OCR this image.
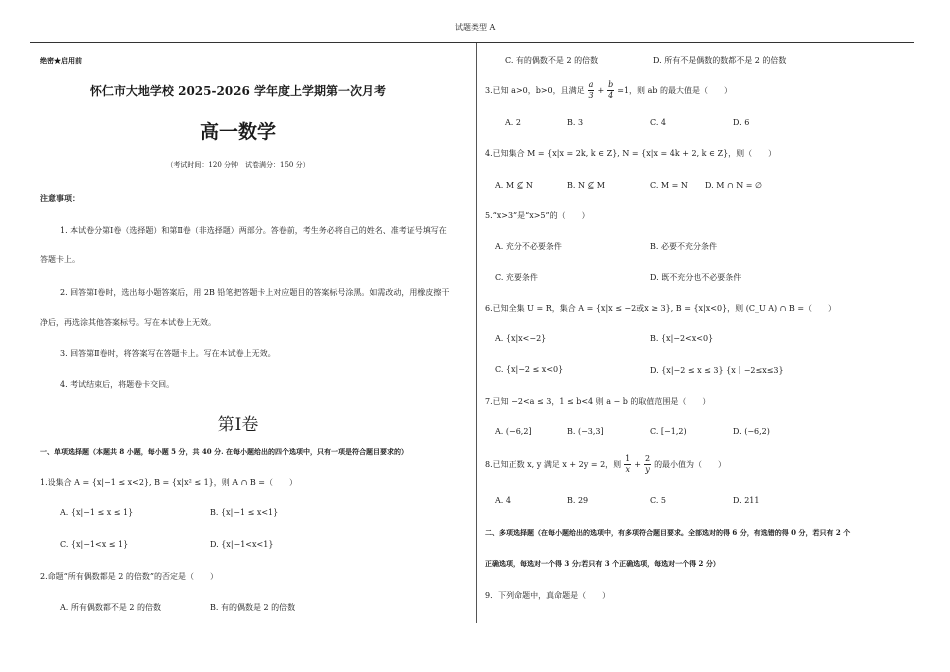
试题类型 A
绝密★启用前
怀仁市大地学校 2025-2026 学年度上学期第一次月考
高一数学
（考试时间：120 分钟　试卷满分：150 分）
注意事项：
1. 本试卷分第Ⅰ卷（选择题）和第Ⅱ卷（非选择题）两部分。答卷前，考生务必将自己的姓名、准考证号填写在
答题卡上。
2. 回答第Ⅰ卷时，选出每小题答案后，用 2B 铅笔把答题卡上对应题目的答案标号涂黑。如需改动，用橡皮擦干
净后，再选涂其他答案标号。写在本试卷上无效。
3. 回答第Ⅱ卷时，将答案写在答题卡上。写在本试卷上无效。
4. 考试结束后，将题卷卡交回。
第Ⅰ卷
一、单项选择题（本题共 8 小题，每小题 5 分，共 40 分. 在每小题给出的四个选项中，只有一项是符合题目要求的）
1.设集合 A = {x|−1 ≤ x<2}, B = {x|x² ≤ 1}，则 A ∩ B =（　　）
A. {x|−1 ≤ x ≤ 1}	B. {x|−1 ≤ x<1}
C. {x|−1<x ≤ 1}	D. {x|−1<x<1}
2.命题“所有偶数都是 2 的倍数”的否定是（　　）
A. 所有偶数都不是 2 的倍数	B. 有的偶数是 2 的倍数
C. 有的偶数不是 2 的倍数	D. 所有不是偶数的数都不是 2 的倍数
3.已知 a>0，b>0，且满足 $\frac{a}{3} + \frac{b}{4} =1$，则 ab 的最大值是（　　）
A. 2	B. 3	C. 4	D. 6
4.已知集合 M = {x|x = 2k, k ∈ Z}, N = {x|x = 4k + 2, k ∈ Z}，则（　　）
A. M ⊈ N	B. N ⊈ M	C. M = N D. M ∩ N = ∅
5.“x>3”是“x>5”的（　　）
A. 充分不必要条件	B. 必要不充分条件
C. 充要条件	D. 既不充分也不必要条件
6.已知全集 U = R，集合 A = {x|x ≤ −2或x ≥ 3}, B = {x|x<0}，则 (C_U A) ∩ B =（　　）
A. {x|x<−2}	B. {x|−2<x<0}
C. {x|−2 ≤ x<0}	D. {x|−2 ≤ x ≤ 3} {x｜−2≤x≤3}
7.已知 −2<a ≤ 3，1 ≤ b<4 则 a − b 的取值范围是（　　）
A. (−6,2]	B. (−3,3]	C. [−1,2)	D. (−6,2)
8.已知正数 x, y 满足 x + 2y = 2，则 $\frac{1}{x} + \frac{2}{y}$ 的最小值为（　　）
A. 4	B. 29	C. 5	D. 211
二、多项选择题（在每小题给出的选项中，有多项符合题目要求。全部选对的得 6 分，有选错的得 0 分，若只有 2 个
正确选项，每选对一个得 3 分;若只有 3 个正确选项，每选对一个得 2 分）
9．下列命题中，真命题是（　　）
